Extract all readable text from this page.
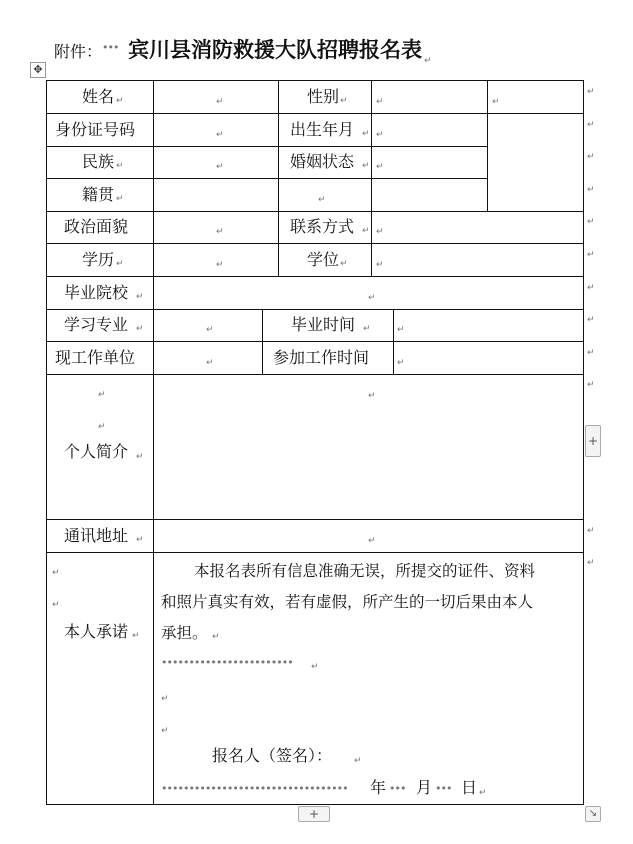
附件：••• 宾川县消防救援大队招聘报名表 $_↵$
✥
姓名 ↵	↵	性别 ↵	↵	↵
身份证号码	↵	出生年月 ↵ ↵
民族 ↵	↵	婚姻状态 ↵ ↵
籍贯 ↵	↵
政治面貌	↵	联系方式 ↵ ↵
学历 ↵	↵	学位 ↵	↵
毕业院校 ↵	↵
学习专业 ↵	↵	毕业时间 ↵	↵
现工作单位	↵	参加工作时间	↵
↵
↵
个人简介 ↵
↵
通讯地址 ↵	↵
↵
↵
本人承诺 ↵
本报名表所有信息准确无误，所提交的证件、资料
和照片真实有效，若有虚假，所产生的一切后果由本人
承担。 ↵
••••••••••••••••••••••••	↵
↵
↵
报名人（签名）： ↵
••••••••••••••••••••••••••••••••••	年 ••• 月 ••• 日 ↵
↵
↵
↵
↵
↵
↵
↵
↵
↵
↵
↵
↵
+
+	↘
